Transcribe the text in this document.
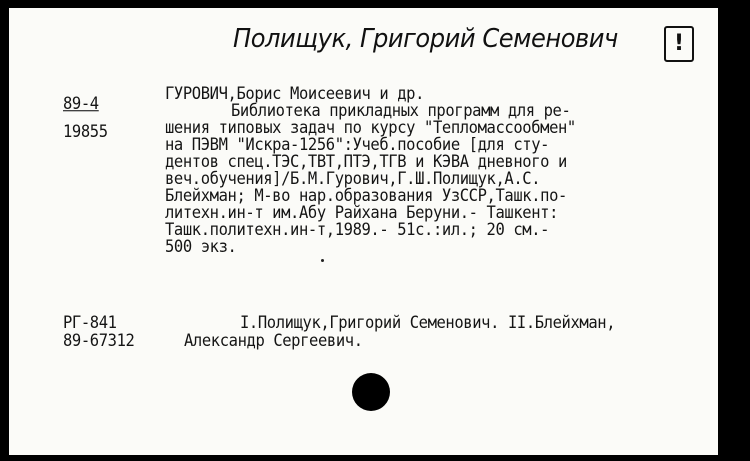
Полищук, Григорий Семенович	!
89-4
19855
ГУРОВИЧ,Борис Моисеевич и др.
Библиотека прикладных программ для ре-
шения типовых задач по курсу "Тепломассообмен"
на ПЭВМ "Искра-1256":Учеб.пособие [для сту-
дентов спец.ТЭС,ТВТ,ПТЭ,ТГВ и КЭВА дневного и
веч.обучения]/Б.М.Гурович,Г.Ш.Полищук,А.С.
Блейхман; М-во нар.образования УзССР,Ташк.по-
литехн.ин-т им.Абу Райхана Беруни.- Ташкент:
Ташк.политехн.ин-т,1989.- 51с.:ил.; 20 см.-
500 экз.
РГ-841
89-67312
I.Полищук,Григорий Семенович. II.Блейхман,
Александр Сергеевич.
